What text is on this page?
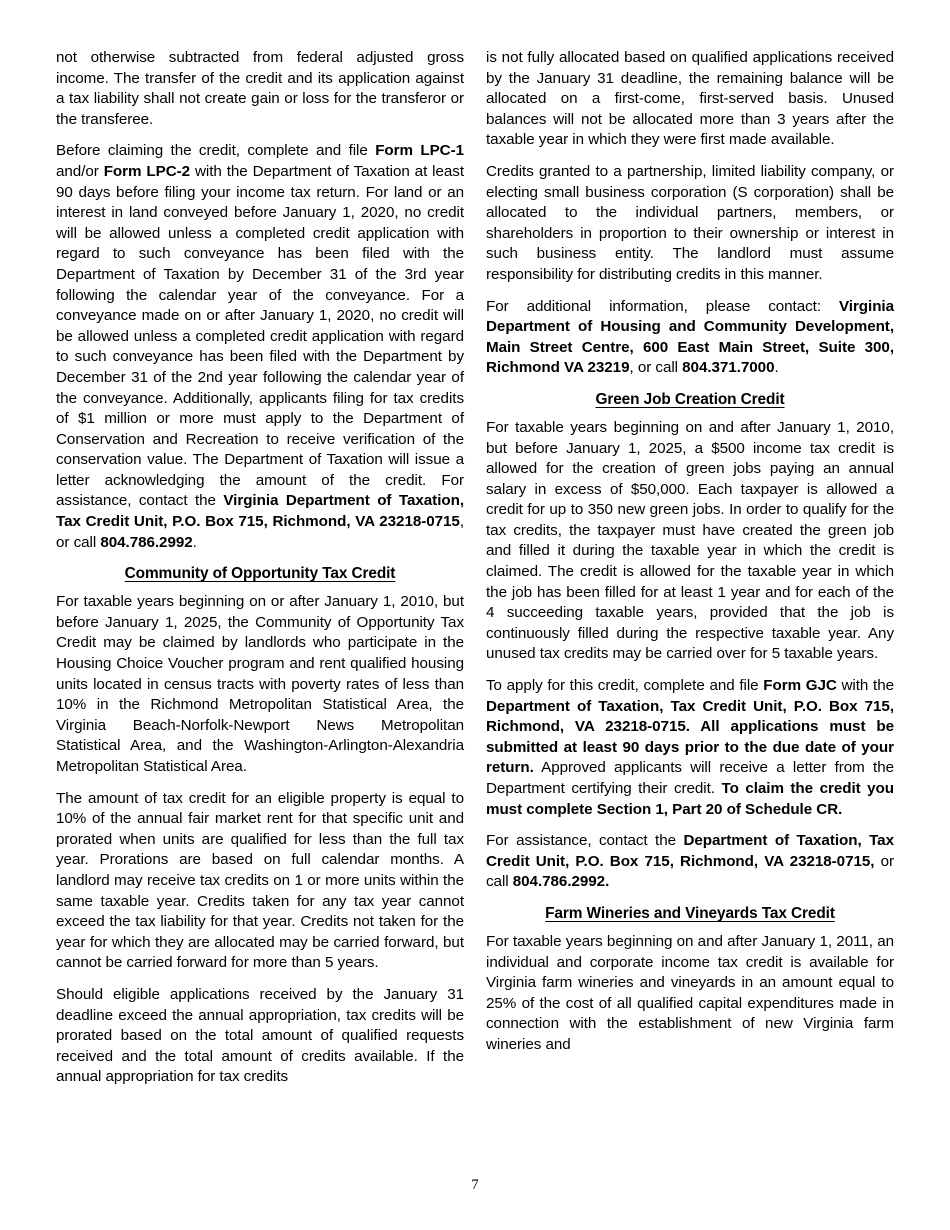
not otherwise subtracted from federal adjusted gross income. The transfer of the credit and its application against a tax liability shall not create gain or loss for the transferor or the transferee.

Before claiming the credit, complete and file Form LPC-1 and/or Form LPC-2 with the Department of Taxation at least 90 days before filing your income tax return. For land or an interest in land conveyed before January 1, 2020, no credit will be allowed unless a completed credit application with regard to such conveyance has been filed with the Department of Taxation by December 31 of the 3rd year following the calendar year of the conveyance. For a conveyance made on or after January 1, 2020, no credit will be allowed unless a completed credit application with regard to such conveyance has been filed with the Department by December 31 of the 2nd year following the calendar year of the conveyance. Additionally, applicants filing for tax credits of $1 million or more must apply to the Department of Conservation and Recreation to receive verification of the conservation value. The Department of Taxation will issue a letter acknowledging the amount of the credit. For assistance, contact the Virginia Department of Taxation, Tax Credit Unit, P.O. Box 715, Richmond, VA 23218-0715, or call 804.786.2992.

Community of Opportunity Tax Credit

For taxable years beginning on or after January 1, 2010, but before January 1, 2025, the Community of Opportunity Tax Credit may be claimed by landlords who participate in the Housing Choice Voucher program and rent qualified housing units located in census tracts with poverty rates of less than 10% in the Richmond Metropolitan Statistical Area, the Virginia Beach-Norfolk-Newport News Metropolitan Statistical Area, and the Washington-Arlington-Alexandria Metropolitan Statistical Area.

The amount of tax credit for an eligible property is equal to 10% of the annual fair market rent for that specific unit and prorated when units are qualified for less than the full tax year. Prorations are based on full calendar months. A landlord may receive tax credits on 1 or more units within the same taxable year. Credits taken for any tax year cannot exceed the tax liability for that year. Credits not taken for the year for which they are allocated may be carried forward, but cannot be carried forward for more than 5 years.

Should eligible applications received by the January 31 deadline exceed the annual appropriation, tax credits will be prorated based on the total amount of qualified requests received and the total amount of credits available. If the annual appropriation for tax credits

is not fully allocated based on qualified applications received by the January 31 deadline, the remaining balance will be allocated on a first-come, first-served basis. Unused balances will not be allocated more than 3 years after the taxable year in which they were first made available.

Credits granted to a partnership, limited liability company, or electing small business corporation (S corporation) shall be allocated to the individual partners, members, or shareholders in proportion to their ownership or interest in such business entity. The landlord must assume responsibility for distributing credits in this manner.

For additional information, please contact: Virginia Department of Housing and Community Development, Main Street Centre, 600 East Main Street, Suite 300, Richmond VA 23219, or call 804.371.7000.

Green Job Creation Credit

For taxable years beginning on and after January 1, 2010, but before January 1, 2025, a $500 income tax credit is allowed for the creation of green jobs paying an annual salary in excess of $50,000. Each taxpayer is allowed a credit for up to 350 new green jobs. In order to qualify for the tax credits, the taxpayer must have created the green job and filled it during the taxable year in which the credit is claimed. The credit is allowed for the taxable year in which the job has been filled for at least 1 year and for each of the 4 succeeding taxable years, provided that the job is continuously filled during the respective taxable year. Any unused tax credits may be carried over for 5 taxable years.

To apply for this credit, complete and file Form GJC with the Department of Taxation, Tax Credit Unit, P.O. Box 715, Richmond, VA 23218-0715. All applications must be submitted at least 90 days prior to the due date of your return. Approved applicants will receive a letter from the Department certifying their credit. To claim the credit you must complete Section 1, Part 20 of Schedule CR.

For assistance, contact the Department of Taxation, Tax Credit Unit, P.O. Box 715, Richmond, VA 23218-0715, or call 804.786.2992.

Farm Wineries and Vineyards Tax Credit

For taxable years beginning on and after January 1, 2011, an individual and corporate income tax credit is available for Virginia farm wineries and vineyards in an amount equal to 25% of the cost of all qualified capital expenditures made in connection with the establishment of new Virginia farm wineries and

7
